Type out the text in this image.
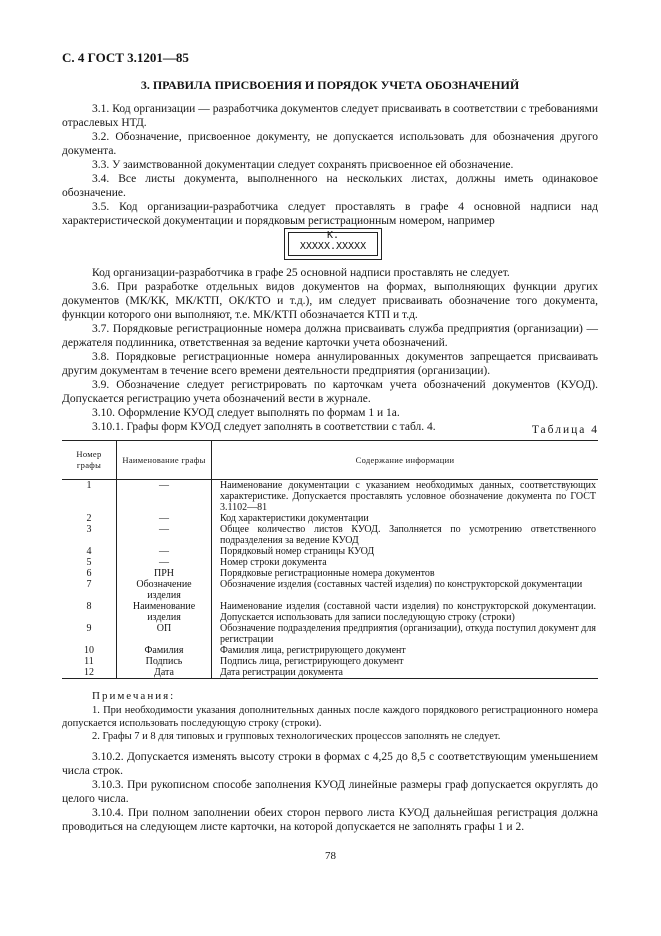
С. 4 ГОСТ 3.1201—85
3. ПРАВИЛА ПРИСВОЕНИЯ И ПОРЯДОК УЧЕТА ОБОЗНАЧЕНИЙ

3.1. Код организации — разработчика документов следует присваивать в соответствии с требованиями отраслевых НТД.

3.2. Обозначение, присвоенное документу, не допускается использовать для обозначения другого документа.

3.3. У заимствованной документации следует сохранять присвоенное ей обозначение.

3.4. Все листы документа, выполненного на нескольких листах, должны иметь одинаковое обозначение.

3.5. Код организации-разработчика следует проставлять в графе 4 основной надписи над характеристической документации и порядковым регистрационным номером, например

К.
XXXXX.XXXXX

Код организации-разработчика в графе 25 основной надписи проставлять не следует.

3.6. При разработке отдельных видов документов на формах, выполняющих функции других документов (МК/КК, МК/КТП, ОК/КТО и т.д.), им следует присваивать обозначение того документа, функции которого они выполняют, т.е. МК/КТП обозначается КТП и т.д.

3.7. Порядковые регистрационные номера должна присваивать служба предприятия (организации) — держателя подлинника, ответственная за ведение карточки учета обозначений.

3.8. Порядковые регистрационные номера аннулированных документов запрещается присваивать другим документам в течение всего времени деятельности предприятия (организации).

3.9. Обозначение следует регистрировать по карточкам учета обозначений документов (КУОД). Допускается регистрацию учета обозначений вести в журнале.

3.10. Оформление КУОД следует выполнять по формам 1 и 1а.

3.10.1. Графы форм КУОД следует заполнять в соответствии с табл. 4.	Таблица 4
Номер графы	Наименование графы	Содержание информации
1	—	Наименование документации с указанием необходимых данных, соответствующих характеристике. Допускается проставлять условное обозначение документа по ГОСТ 3.1102—81
2	—	Код характеристики документации
3	—	Общее количество листов КУОД. Заполняется по усмотрению ответственного подразделения за ведение КУОД
4	—	Порядковый номер страницы КУОД
5	—	Номер строки документа
6	ПРН	Порядковые регистрационные номера документов
7	Обозначение изделия	Обозначение изделия (составных частей изделия) по конструкторской документации
8	Наименование изделия	Наименование изделия (составной части изделия) по конструкторской документации. Допускается использовать для записи последующую строку (строки)
9	ОП	Обозначение подразделения предприятия (организации), откуда поступил документ для регистрации
10	Фамилия	Фамилия лица, регистрирующего документ
11	Подпись	Подпись лица, регистрирующего документ
12	Дата	Дата регистрации документа
Примечания:

1. При необходимости указания дополнительных данных после каждого порядкового регистрационного номера допускается использовать последующую строку (строки).

2. Графы 7 и 8 для типовых и групповых технологических процессов заполнять не следует.

3.10.2. Допускается изменять высоту строки в формах с 4,25 до 8,5 с соответствующим уменьшением числа строк.

3.10.3. При рукописном способе заполнения КУОД линейные размеры граф допускается округлять до целого числа.

3.10.4. При полном заполнении обеих сторон первого листа КУОД дальнейшая регистрация должна проводиться на следующем листе карточки, на которой допускается не заполнять графы 1 и 2.

78
